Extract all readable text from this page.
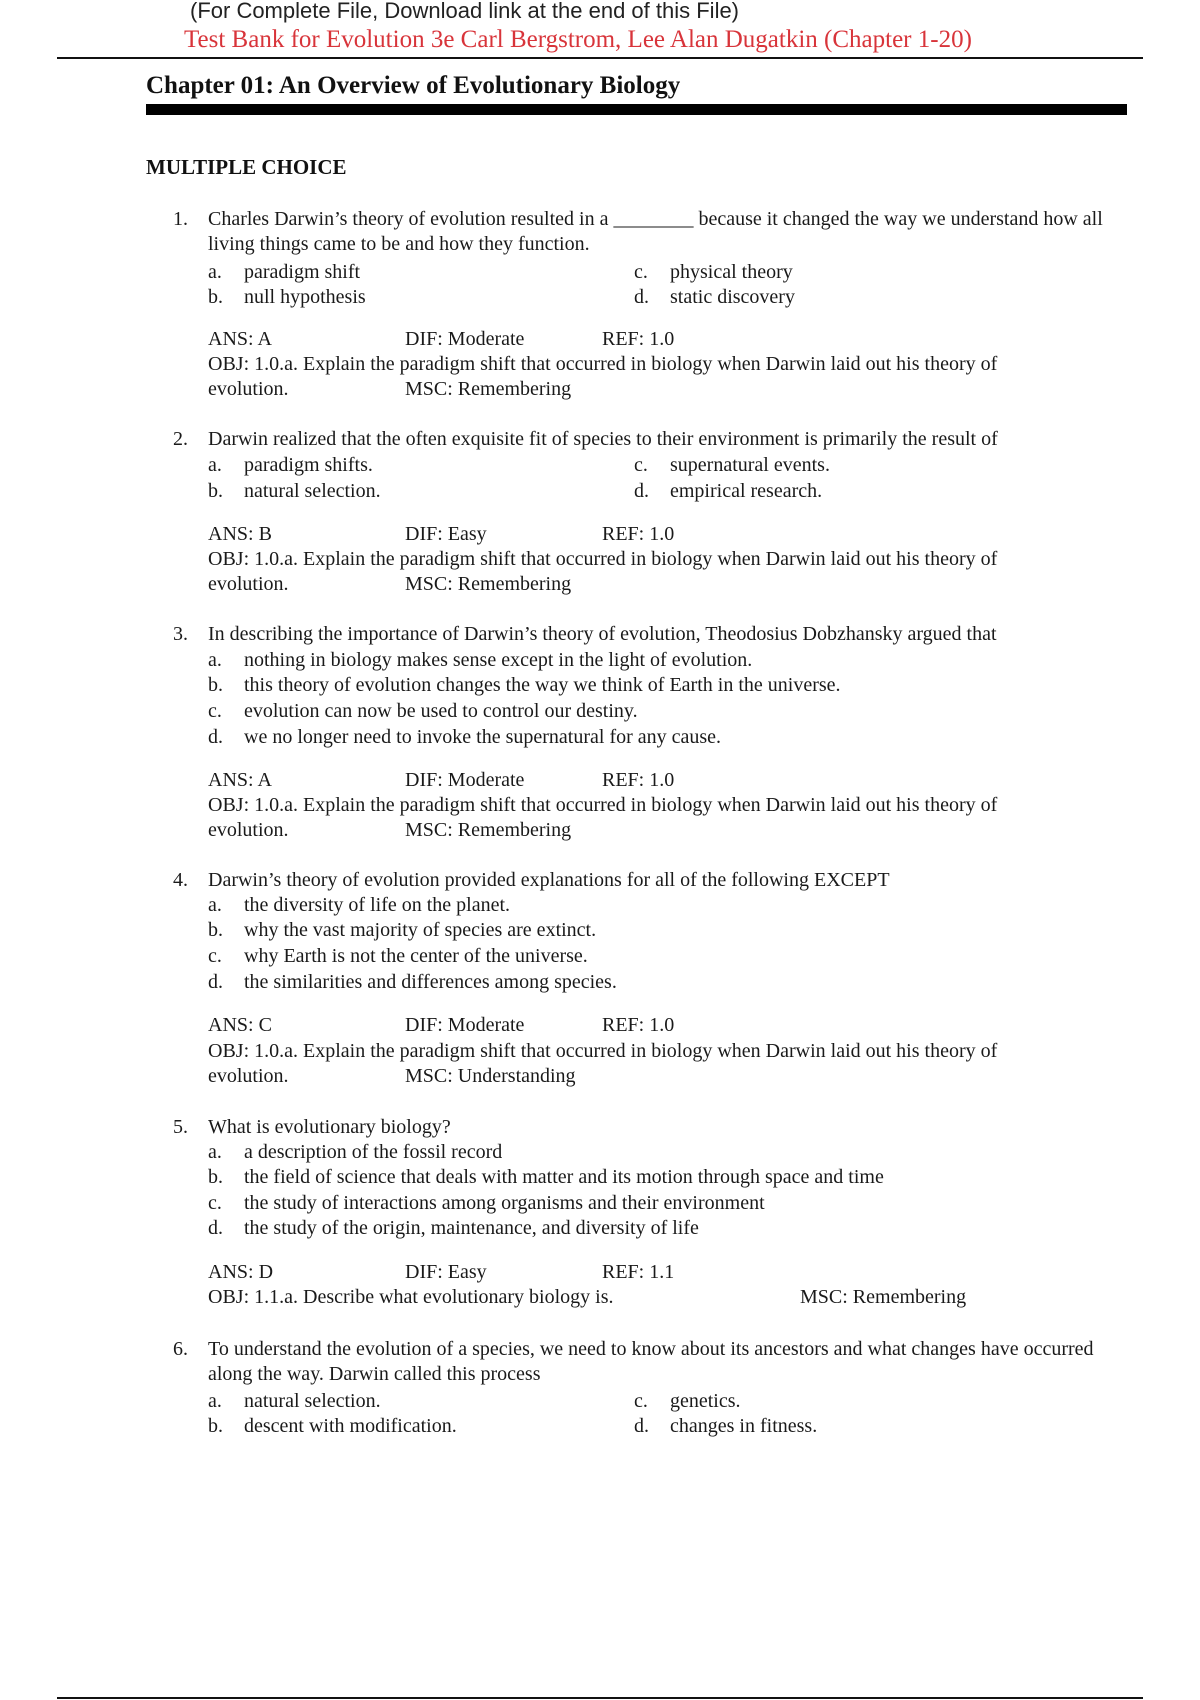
(For Complete File, Download link at the end of this File)
Test Bank for Evolution 3e Carl Bergstrom, Lee Alan Dugatkin (Chapter 1-20)
Chapter 01: An Overview of Evolutionary Biology
MULTIPLE CHOICE
1. Charles Darwin’s theory of evolution resulted in a ________ because it changed the way we understand how all living things came to be and how they function.
a. paradigm shift
b. null hypothesis
c. physical theory
d. static discovery
ANS: A	DIF: Moderate	REF: 1.0
OBJ: 1.0.a. Explain the paradigm shift that occurred in biology when Darwin laid out his theory of
evolution.	MSC: Remembering
2. Darwin realized that the often exquisite fit of species to their environment is primarily the result of
a. paradigm shifts.
b. natural selection.
c. supernatural events.
d. empirical research.
ANS: B	DIF: Easy	REF: 1.0
OBJ: 1.0.a. Explain the paradigm shift that occurred in biology when Darwin laid out his theory of
evolution.	MSC: Remembering
3. In describing the importance of Darwin’s theory of evolution, Theodosius Dobzhansky argued that
a. nothing in biology makes sense except in the light of evolution.
b. this theory of evolution changes the way we think of Earth in the universe.
c. evolution can now be used to control our destiny.
d. we no longer need to invoke the supernatural for any cause.
ANS: A	DIF: Moderate	REF: 1.0
OBJ: 1.0.a. Explain the paradigm shift that occurred in biology when Darwin laid out his theory of
evolution.	MSC: Remembering
4. Darwin’s theory of evolution provided explanations for all of the following EXCEPT
a. the diversity of life on the planet.
b. why the vast majority of species are extinct.
c. why Earth is not the center of the universe.
d. the similarities and differences among species.
ANS: C	DIF: Moderate	REF: 1.0
OBJ: 1.0.a. Explain the paradigm shift that occurred in biology when Darwin laid out his theory of
evolution.	MSC: Understanding
5. What is evolutionary biology?
a. a description of the fossil record
b. the field of science that deals with matter and its motion through space and time
c. the study of interactions among organisms and their environment
d. the study of the origin, maintenance, and diversity of life
ANS: D	DIF: Easy	REF: 1.1
OBJ: 1.1.a. Describe what evolutionary biology is.	MSC: Remembering
6. To understand the evolution of a species, we need to know about its ancestors and what changes have occurred along the way. Darwin called this process
a. natural selection.
b. descent with modification.
c. genetics.
d. changes in fitness.
